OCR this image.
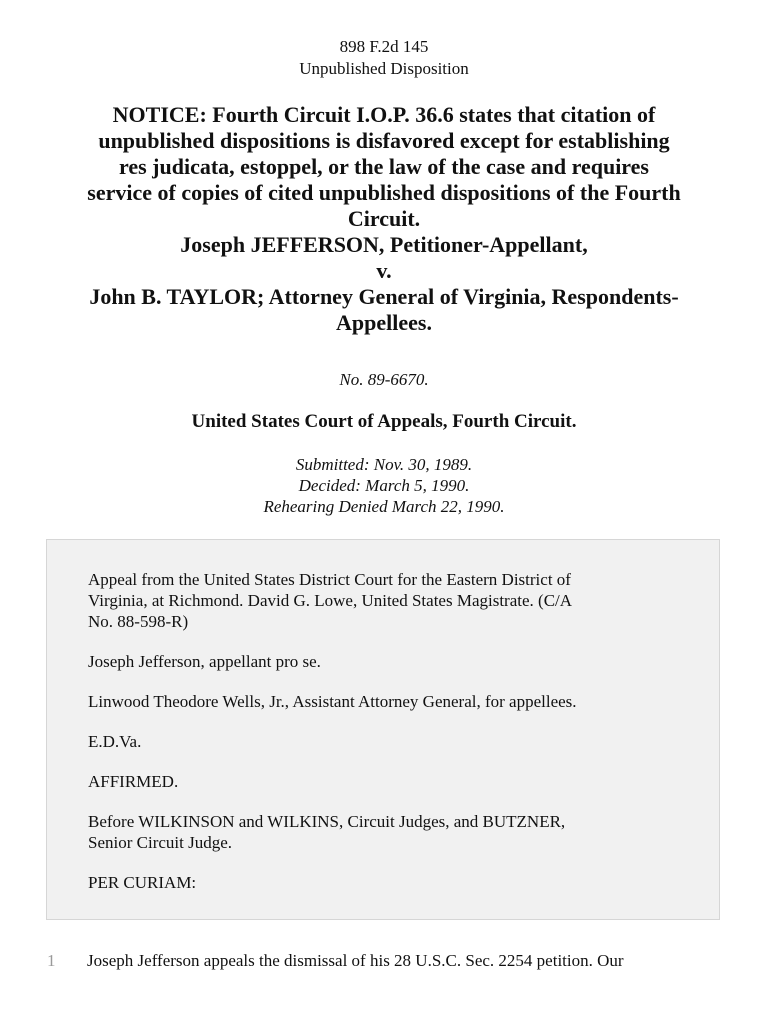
898 F.2d 145
Unpublished Disposition
NOTICE: Fourth Circuit I.O.P. 36.6 states that citation of
unpublished dispositions is disfavored except for establishing
res judicata, estoppel, or the law of the case and requires
service of copies of cited unpublished dispositions of the Fourth
Circuit.
Joseph JEFFERSON, Petitioner-Appellant,
v.
John B. TAYLOR; Attorney General of Virginia, Respondents-
Appellees.
No. 89-6670.
United States Court of Appeals, Fourth Circuit.
Submitted: Nov. 30, 1989.
Decided: March 5, 1990.
Rehearing Denied March 22, 1990.

Appeal from the United States District Court for the Eastern District of
Virginia, at Richmond. David G. Lowe, United States Magistrate. (C/A
No. 88-598-R)

Joseph Jefferson, appellant pro se.

Linwood Theodore Wells, Jr., Assistant Attorney General, for appellees.

E.D.Va.

AFFIRMED.

Before WILKINSON and WILKINS, Circuit Judges, and BUTZNER,
Senior Circuit Judge.

PER CURIAM:

1 Joseph Jefferson appeals the dismissal of his 28 U.S.C. Sec. 2254 petition. Our
